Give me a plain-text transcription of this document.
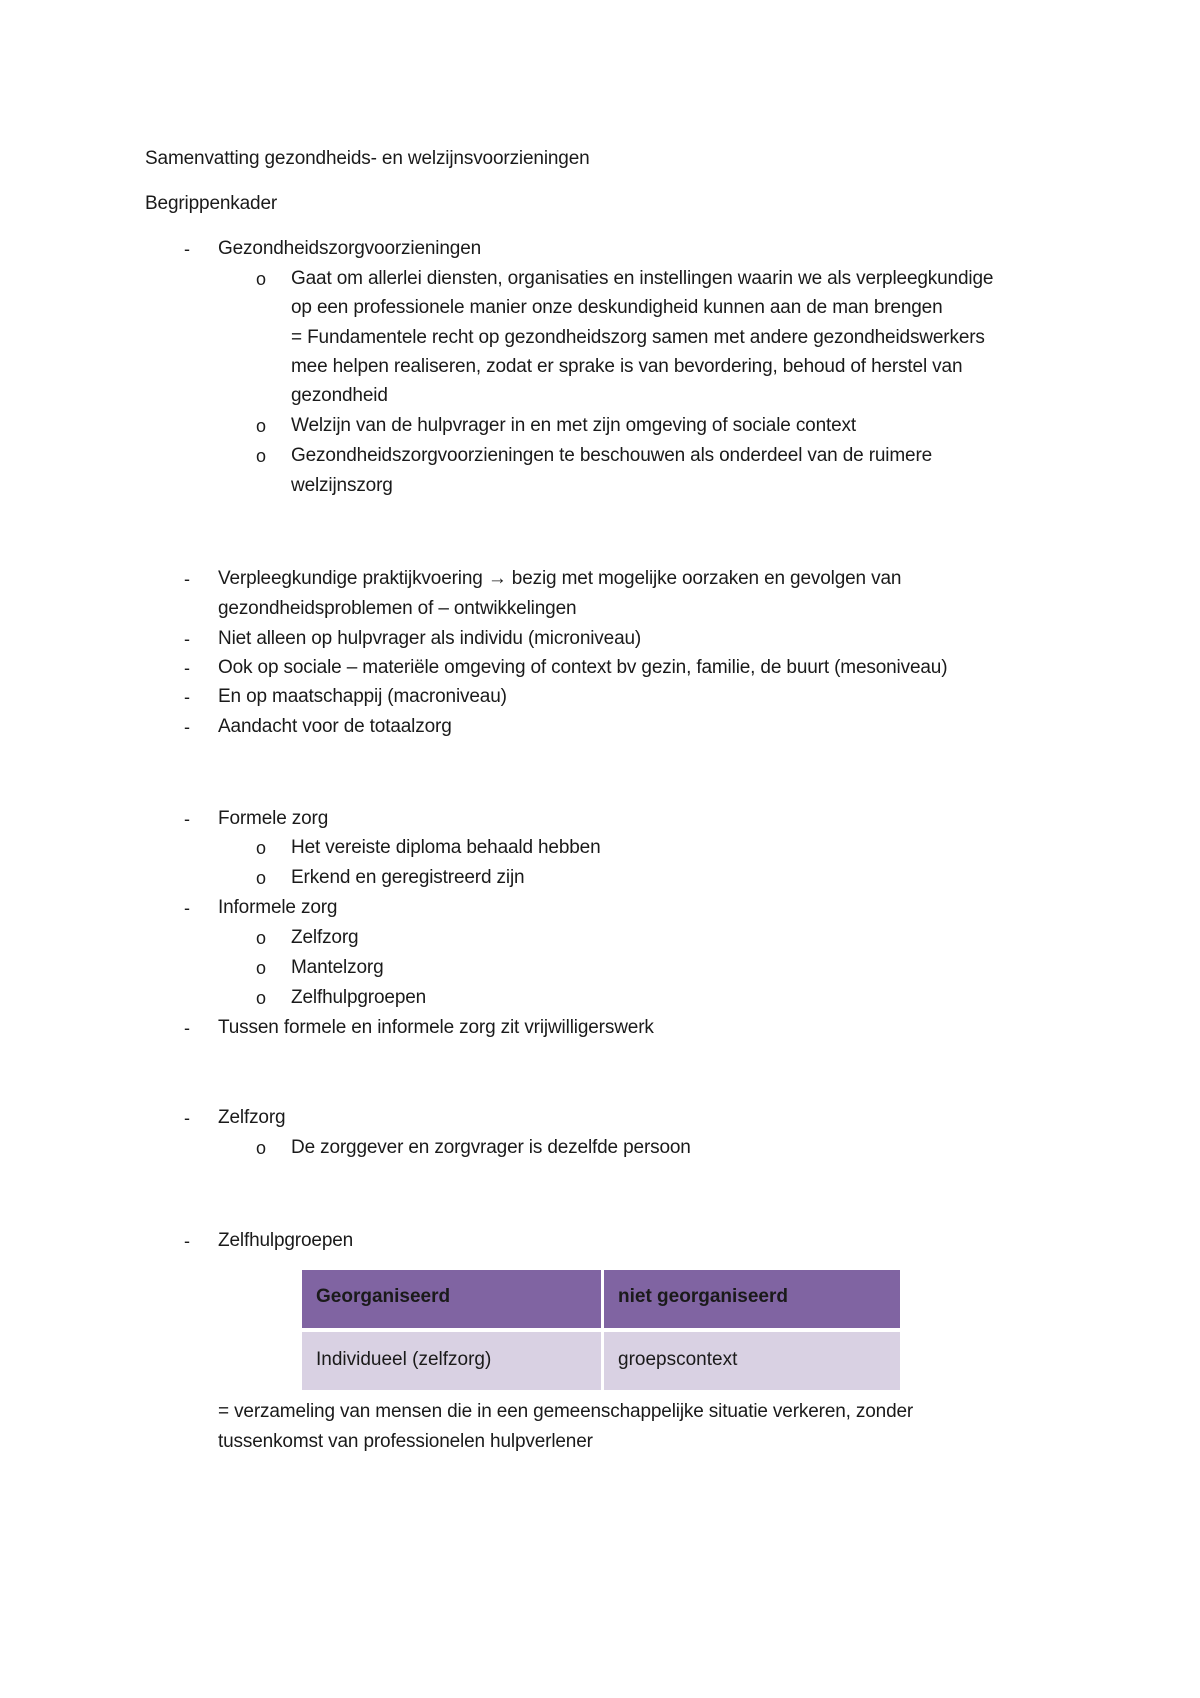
Samenvatting gezondheids- en welzijnsvoorzieningen
Begrippenkader
- Gezondheidszorgvoorzieningen
o Gaat om allerlei diensten, organisaties en instellingen waarin we als verpleegkundige
op een professionele manier onze deskundigheid kunnen aan de man brengen
= Fundamentele recht op gezondheidszorg samen met andere gezondheidswerkers
mee helpen realiseren, zodat er sprake is van bevordering, behoud of herstel van
gezondheid
o Welzijn van de hulpvrager in en met zijn omgeving of sociale context
o Gezondheidszorgvoorzieningen te beschouwen als onderdeel van de ruimere
welzijnszorg
- Verpleegkundige praktijkvoering → bezig met mogelijke oorzaken en gevolgen van
gezondheidsproblemen of – ontwikkelingen
- Niet alleen op hulpvrager als individu (microniveau)
- Ook op sociale – materiële omgeving of context bv gezin, familie, de buurt (mesoniveau)
- En op maatschappij (macroniveau)
- Aandacht voor de totaalzorg
- Formele zorg
o Het vereiste diploma behaald hebben
o Erkend en geregistreerd zijn
- Informele zorg
o Zelfzorg
o Mantelzorg
o Zelfhulpgroepen
- Tussen formele en informele zorg zit vrijwilligerswerk
- Zelfzorg
o De zorggever en zorgvrager is dezelfde persoon
- Zelfhulpgroepen
Georganiseerd	niet georganiseerd
Individueel (zelfzorg)	groepscontext
= verzameling van mensen die in een gemeenschappelijke situatie verkeren, zonder
tussenkomst van professionelen hulpverlener
